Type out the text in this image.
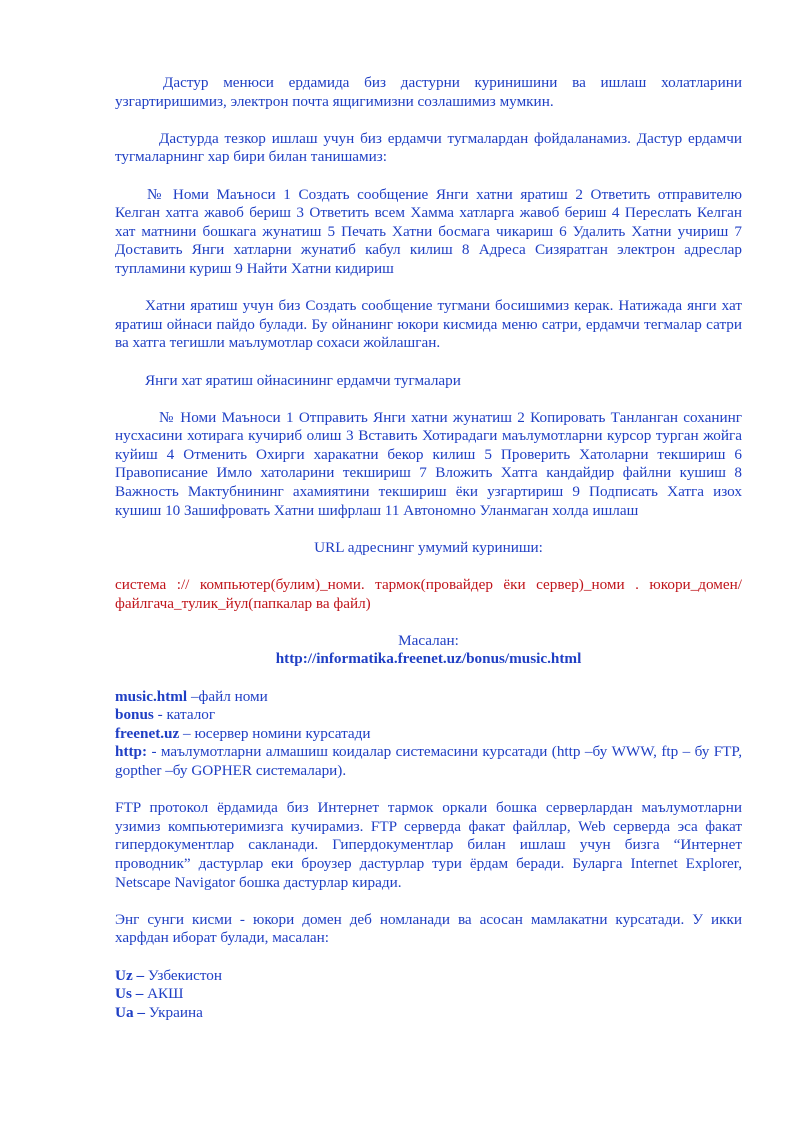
Дастур менюси ердамида биз дастурни куринишини ва ишлаш холатларини узгартиришимиз, электрон почта ящигимизни созлашимиз мумкин.

Дастурда тезкор ишлаш учун биз ердамчи тугмалардан фойдаланамиз. Дастур ердамчи тугмаларнинг хар бири билан танишамиз:

№ Номи Маъноси 1 Создать сообщение Янги хатни яратиш 2 Ответить отправителю Келган хатга жавоб бериш 3 Ответить всем Хамма хатларга жавоб бериш 4 Переслать Келган хат матнини бошкага жунатиш 5 Печать Хатни босмага чикариш 6 Удалить Хатни учириш 7 Доставить Янги хатларни жунатиб кабул килиш 8 Адреса Сизяратган электрон адреслар тупламини куриш 9 Найти Хатни кидириш

Хатни яратиш учун биз Создать сообщение тугмани босишимиз керак. Натижада янги хат яратиш ойнаси пайдо булади. Бу ойнанинг юкори кисмида меню сатри, ердамчи тегмалар сатри ва хатга тегишли маълумотлар сохаси жойлашган.

Янги хат яратиш ойнасининг ердамчи тугмалари

№ Номи Маъноси 1 Отправить Янги хатни жунатиш 2 Копировать Танланган соханинг нусхасини хотирага кучириб олиш 3 Вставить Хотирадаги маълумотларни курсор турган жойга куйиш 4 Отменить Охирги харакатни бекор килиш 5 Проверить Хатоларни текшириш 6 Правописание Имло хатоларини текшириш 7 Вложить Хатга кандайдир файлни кушиш 8 Важность Мактубнининг ахамиятини текшириш ёки узгартириш 9 Подписать Хатга изох кушиш 10 Зашифровать Хатни шифрлаш 11 Автономно Уланмаган холда ишлаш

URL адреснинг умумий куриниши:

система :// компьютер(булим)_номи. тармок(провайдер ёки сервер)_номи . юкори_домен/файлгача_тулик_йул(папкалар ва файл)

Масалан:

http://informatika.freenet.uz/bonus/music.html

music.html –файл номи
bonus - каталог
freenet.uz – юсервер номини курсатади
http: - маълумотларни алмашиш коидалар системасини курсатади (http –бу WWW, ftp – бу FTP, gopther –бу GOPHER системалари).

FTP протокол ёрдамида биз Интернет тармок оркали бошка серверлардан маълумотларни узимиз компьютеримизга кучирамиз. FTP серверда факат файллар, Web серверда эса факат гипердокументлар сакланади. Гипердокументлар билан ишлаш учун бизга “Интернет проводник” дастурлар еки броузер дастурлар тури ёрдам беради. Буларга Internet Explorer, Netscape Navigator бошка дастурлар киради.

Энг сунги кисми - юкори домен деб номланади ва асосан мамлакатни курсатади. У икки харфдан иборат булади, масалан:

Uz – Узбекистон
Us – АКШ
Ua – Украина
